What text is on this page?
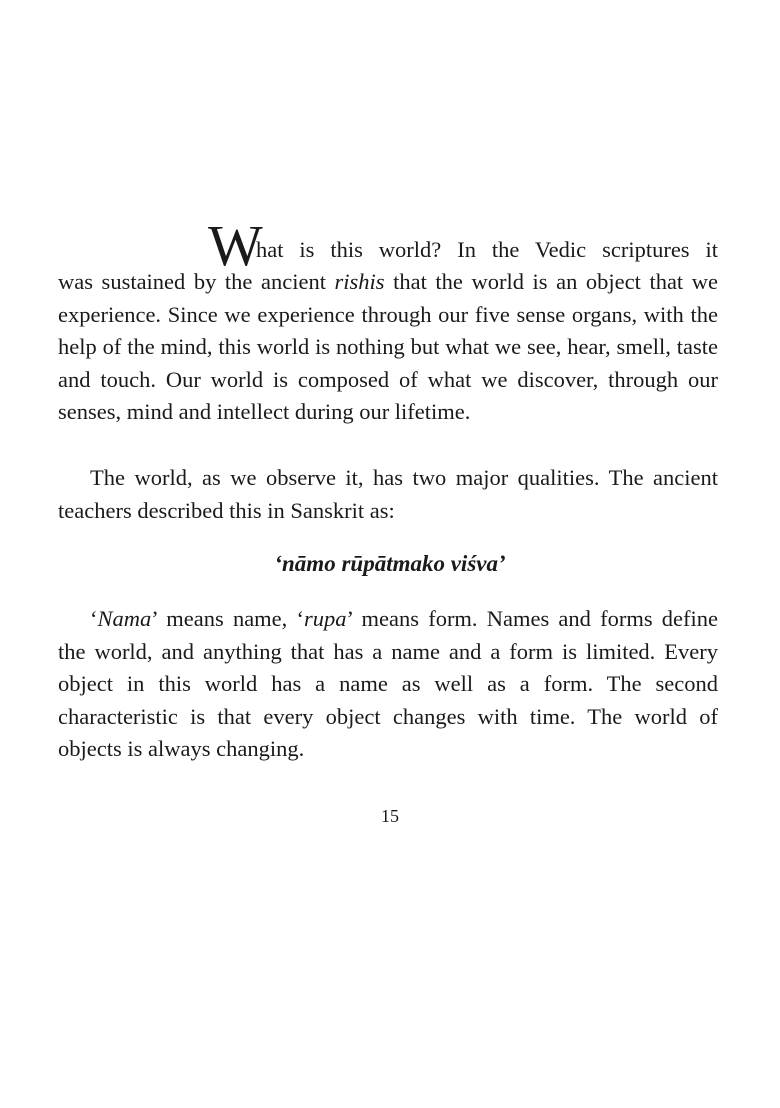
W
hat is this world? In the Vedic scriptures it
was sustained by the ancient rishis that the world is an object that we experience. Since we experience through our five sense organs, with the help of the mind, this world is nothing but what we see, hear, smell, taste and touch. Our world is composed of what we discover, through our senses, mind and intellect during our lifetime.
The world, as we observe it, has two major qualities. The ancient teachers described this in Sanskrit as:
‘nāmo rūpātmako viśva’
‘Nama’ means name, ‘rupa’ means form. Names and forms define the world, and anything that has a name and a form is limited. Every object in this world has a name as well as a form. The second characteristic is that every object changes with time. The world of objects is always changing.
15
